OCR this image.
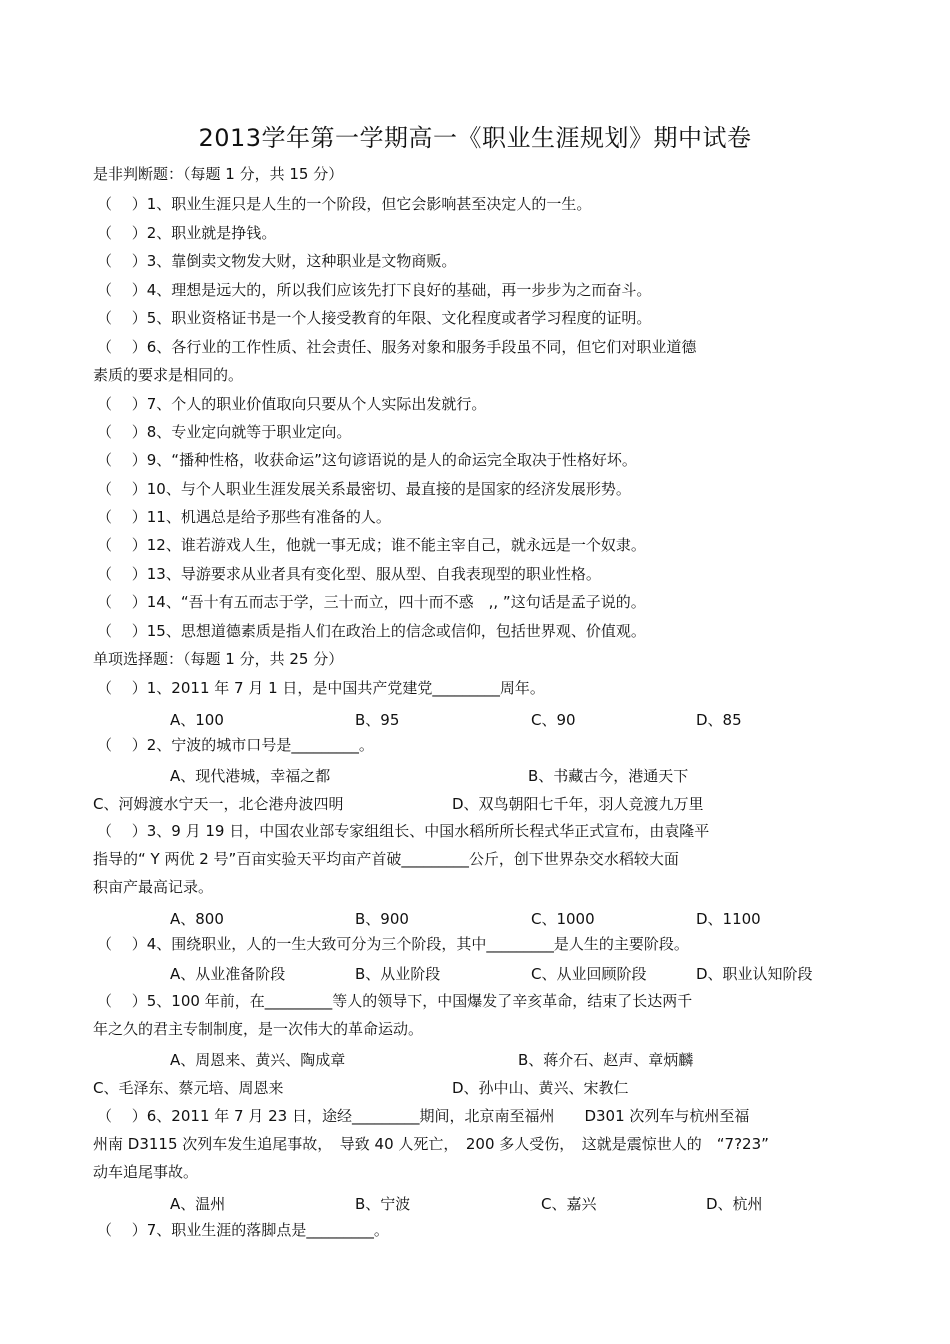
2013学年第一学期高一《职业生涯规划》期中试卷
是非判断题：（每题 1 分，共 15 分）
（　 ）1、职业生涯只是人生的一个阶段，但它会影响甚至决定人的一生。
（　 ）2、职业就是挣钱。
（　 ）3、靠倒卖文物发大财，这种职业是文物商贩。
（　 ）4、理想是远大的，所以我们应该先打下良好的基础，再一步步为之而奋斗。
（　 ）5、职业资格证书是一个人接受教育的年限、文化程度或者学习程度的证明。
（　 ）6、各行业的工作性质、社会责任、服务对象和服务手段虽不同，但它们对职业道德
素质的要求是相同的。
（　 ）7、个人的职业价值取向只要从个人实际出发就行。
（　 ）8、专业定向就等于职业定向。
（　 ）9、“播种性格，收获命运”这句谚语说的是人的命运完全取决于性格好坏。
（　 ）10、与个人职业生涯发展关系最密切、最直接的是国家的经济发展形势。
（　 ）11、机遇总是给予那些有准备的人。
（　 ）12、谁若游戏人生，他就一事无成；谁不能主宰自己，就永远是一个奴隶。
（　 ）13、导游要求从业者具有变化型、服从型、自我表现型的职业性格。
（　 ）14、“吾十有五而志于学，三十而立，四十而不惑　,, ”这句话是孟子说的。
（　 ）15、思想道德素质是指人们在政治上的信念或信仰，包括世界观、价值观。
单项选择题：（每题 1 分，共 25 分）
（　 ）1、2011 年 7 月 1 日，是中国共产党建党_________周年。
A、100	B、95	C、90	D、85
（　 ）2、宁波的城市口号是_________。
A、现代港城，幸福之都	B、书藏古今，港通天下
C、河姆渡水宁天一，北仑港舟波四明	D、双鸟朝阳七千年，羽人竞渡九万里
（　 ）3、9 月 19 日，中国农业部专家组组长、中国水稻所所长程式华正式宣布，由袁隆平
指导的“ Y 两优 2 号”百亩实验天平均亩产首破_________公斤，创下世界杂交水稻较大面
积亩产最高记录。
A、800	B、900	C、1000	D、1100
（　 ）4、围绕职业，人的一生大致可分为三个阶段，其中_________是人生的主要阶段。
A、从业准备阶段	B、从业阶段	C、从业回顾阶段	D、职业认知阶段
（　 ）5、100 年前，在_________等人的领导下，中国爆发了辛亥革命，结束了长达两千
年之久的君主专制制度，是一次伟大的革命运动。
A、周恩来、黄兴、陶成章	B、蒋介石、赵声、章炳麟
C、毛泽东、蔡元培、周恩来	D、孙中山、黄兴、宋教仁
（　 ）6、2011 年 7 月 23 日，途经_________期间，北京南至福州　　D301 次列车与杭州至福
州南 D3115 次列车发生追尾事故，　导致 40 人死亡，　200 多人受伤，　这就是震惊世人的　“7?23”
动车追尾事故。
A、温州	B、宁波	C、嘉兴	D、杭州
（　 ）7、职业生涯的落脚点是_________。
